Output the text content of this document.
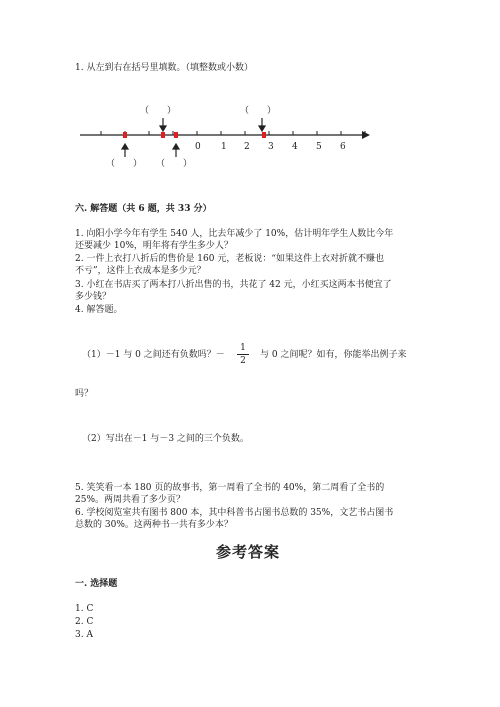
1. 从左到右在括号里填数。（填整数或小数）
0 1 2 3 4 5 6
（　　）	（　　）
（　　） （　　）
六. 解答题（共 6 题，共 33 分）
1. 向阳小学今年有学生 540 人，比去年减少了 10%，估计明年学生人数比今年
还要减少 10%，明年将有学生多少人？
2. 一件上衣打八折后的售价是 160 元，老板说：“如果这件上衣对折就不赚也
不亏”，这件上衣成本是多少元？
3. 小红在书店买了两本打八折出售的书，共花了 42 元，小红买这两本书便宜了
多少钱？
4. 解答题。
（1）－1 与 0 之间还有负数吗？－
1
2
与 0 之间呢？如有，你能举出例子来
吗？
（2）写出在－1 与－3 之间的三个负数。
5. 笑笑看一本 180 页的故事书，第一周看了全书的 40%，第二周看了全书的
25%。两周共看了多少页？
6. 学校阅览室共有图书 800 本，其中科普书占图书总数的 35%，文艺书占图书
总数的 30%。这两种书一共有多少本？
参考答案
一. 选择题
1. C
2. C
3. A
